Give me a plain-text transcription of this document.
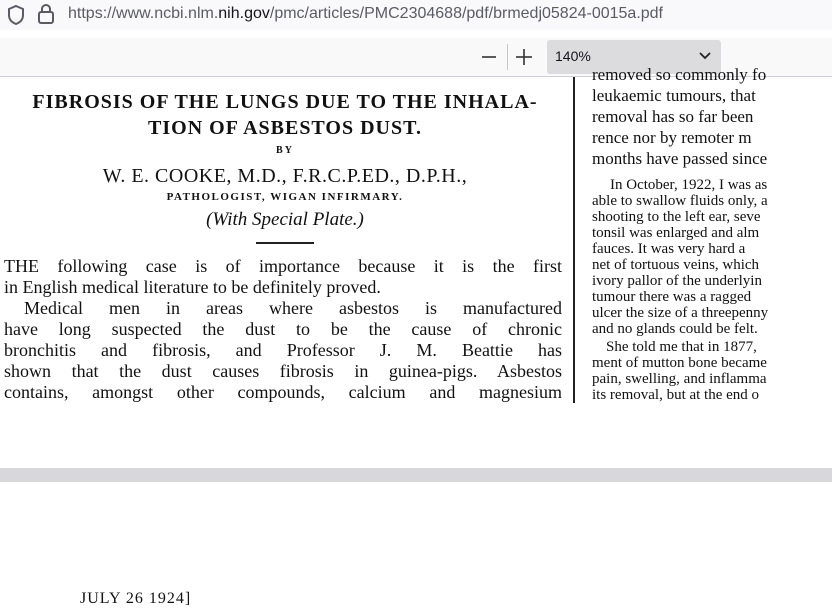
https://www.ncbi.nlm.nih.gov/pmc/articles/PMC2304688/pdf/brmedj05824-0015a.pdf
140%
FIBROSIS OF THE LUNGS DUE TO THE INHALA-
TION OF ASBESTOS DUST.
BY
W. E. COOKE, M.D., F.R.C.P.ED., D.P.H.,
PATHOLOGIST, WIGAN INFIRMARY.
(With Special Plate.)
THE following case is of importance because it is the first
in English medical literature to be definitely proved.
Medical men in areas where asbestos is manufactured
have long suspected the dust to be the cause of chronic
bronchitis and fibrosis, and Professor J. M. Beattie has
shown that the dust causes fibrosis in guinea-pigs. Asbestos
contains, amongst other compounds, calcium and magnesium
removed so commonly fo
leukaemic tumours, that
removal has so far been
rence nor by remoter m
months have passed since
In October, 1922, I was as
able to swallow fluids only, a
shooting to the left ear, seve
tonsil was enlarged and alm
fauces. It was very hard a
net of tortuous veins, which
ivory pallor of the underlyin
tumour there was a ragged
ulcer the size of a threepenny
and no glands could be felt.
She told me that in 1877,
ment of mutton bone became
pain, swelling, and inflamma
its removal, but at the end o
JULY 26 1924]
